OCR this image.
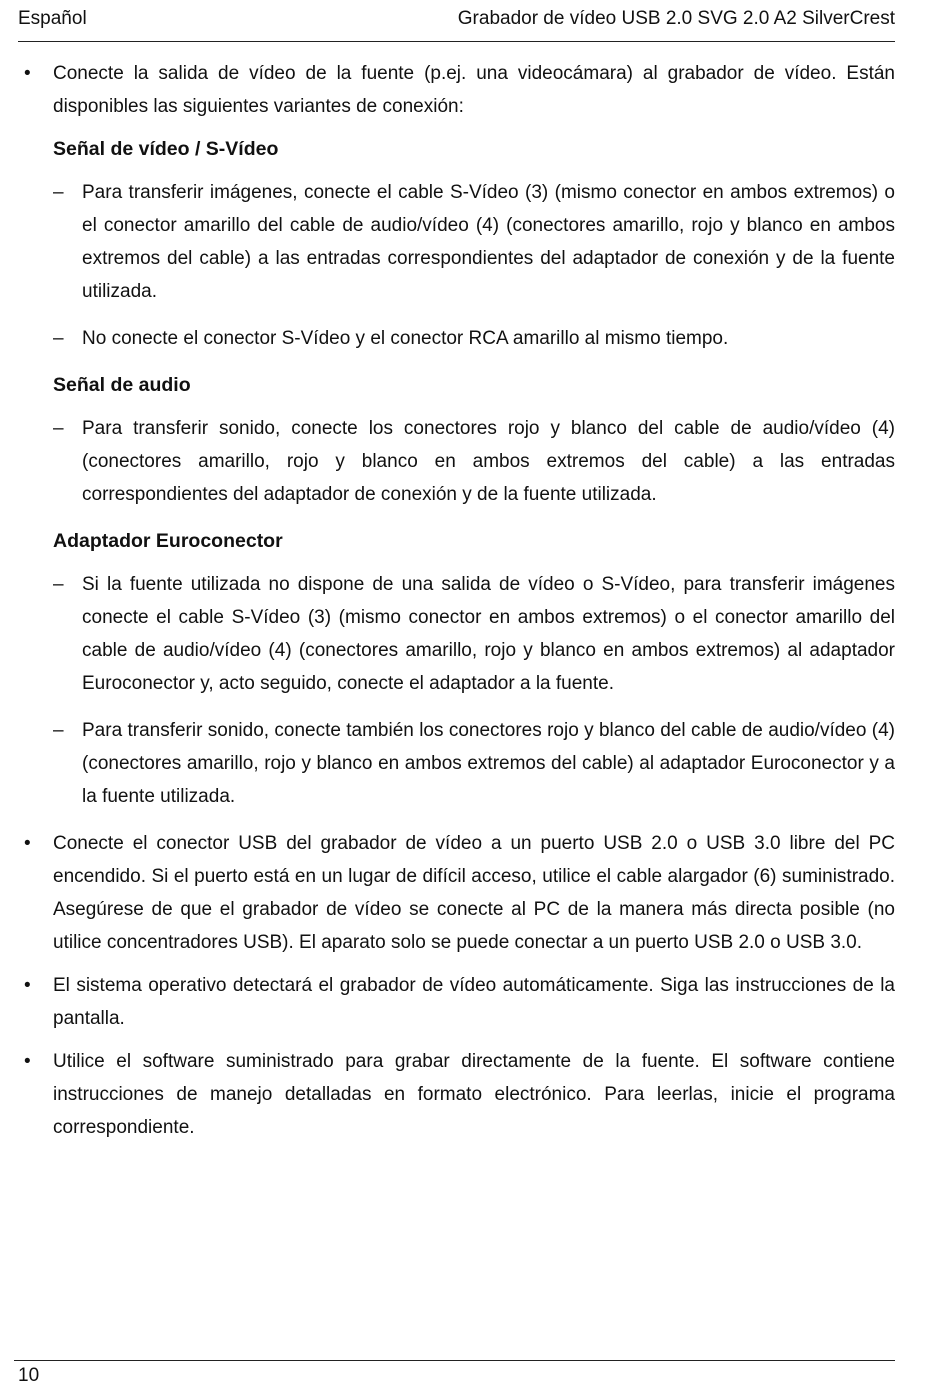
Español	Grabador de vídeo USB 2.0 SVG 2.0 A2 SilverCrest
• Conecte la salida de vídeo de la fuente (p.ej. una videocámara) al grabador de vídeo. Están disponibles las siguientes variantes de conexión:

Señal de vídeo / S-Vídeo
– Para transferir imágenes, conecte el cable S-Vídeo (3) (mismo conector en ambos extremos) o el conector amarillo del cable de audio/vídeo (4) (conectores amarillo, rojo y blanco en ambos extremos del cable) a las entradas correspondientes del adaptador de conexión y de la fuente utilizada.

– No conecte el conector S-Vídeo y el conector RCA amarillo al mismo tiempo.

Señal de audio
– Para transferir sonido, conecte los conectores rojo y blanco del cable de audio/vídeo (4) (conectores amarillo, rojo y blanco en ambos extremos del cable) a las entradas correspondientes del adaptador de conexión y de la fuente utilizada.

Adaptador Euroconector
– Si la fuente utilizada no dispone de una salida de vídeo o S-Vídeo, para transferir imágenes conecte el cable S-Vídeo (3) (mismo conector en ambos extremos) o el conector amarillo del cable de audio/vídeo (4) (conectores amarillo, rojo y blanco en ambos extremos) al adaptador Euroconector y, acto seguido, conecte el adaptador a la fuente.

– Para transferir sonido, conecte también los conectores rojo y blanco del cable de audio/vídeo (4) (conectores amarillo, rojo y blanco en ambos extremos del cable) al adaptador Euroconector y a la fuente utilizada.

• Conecte el conector USB del grabador de vídeo a un puerto USB 2.0 o USB 3.0 libre del PC encendido. Si el puerto está en un lugar de difícil acceso, utilice el cable alargador (6) suministrado. Asegúrese de que el grabador de vídeo se conecte al PC de la manera más directa posible (no utilice concentradores USB). El aparato solo se puede conectar a un puerto USB 2.0 o USB 3.0.

• El sistema operativo detectará el grabador de vídeo automáticamente. Siga las instrucciones de la pantalla.

• Utilice el software suministrado para grabar directamente de la fuente. El software contiene instrucciones de manejo detalladas en formato electrónico. Para leerlas, inicie el programa correspondiente.

10
